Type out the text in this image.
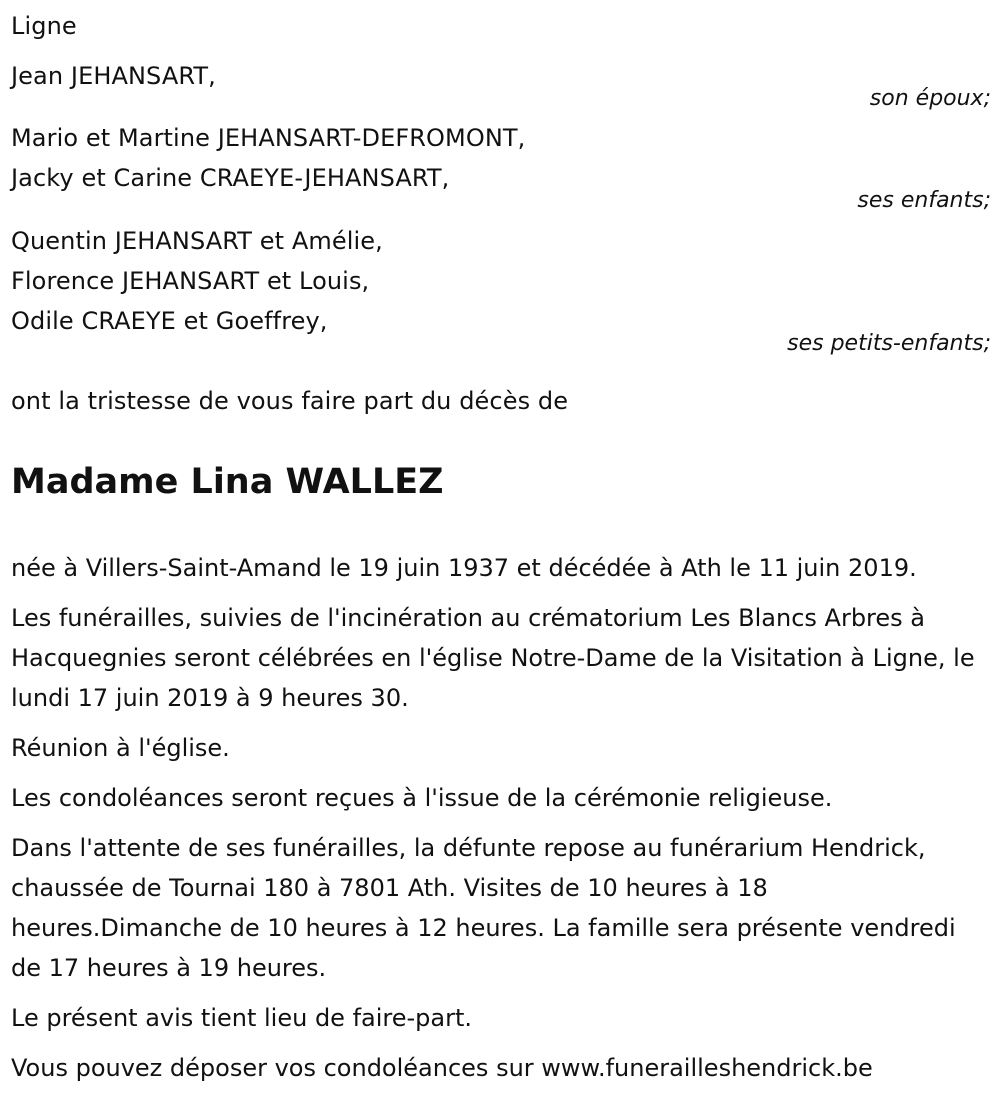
Ligne
Jean JEHANSART,
son époux;
Mario et Martine JEHANSART-DEFROMONT,
Jacky et Carine CRAEYE-JEHANSART,
ses enfants;
Quentin JEHANSART et Amélie,
Florence JEHANSART et Louis,
Odile CRAEYE et Goeffrey,
ses petits-enfants;
ont la tristesse de vous faire part du décès de
Madame Lina WALLEZ
née à Villers-Saint-Amand le 19 juin 1937 et décédée à Ath le 11 juin 2019.
Les funérailles, suivies de l'incinération au crématorium Les Blancs Arbres à Hacquegnies seront célébrées en l'église Notre-Dame de la Visitation à Ligne, le lundi 17 juin 2019 à 9 heures 30.
Réunion à l'église.
Les condoléances seront reçues à l'issue de la cérémonie religieuse.
Dans l'attente de ses funérailles, la défunte repose au funérarium Hendrick, chaussée de Tournai 180 à 7801 Ath. Visites de 10 heures à 18 heures.Dimanche de 10 heures à 12 heures. La famille sera présente vendredi de 17 heures à 19 heures.
Le présent avis tient lieu de faire-part.
Vous pouvez déposer vos condoléances sur www.funerailleshendrick.be
